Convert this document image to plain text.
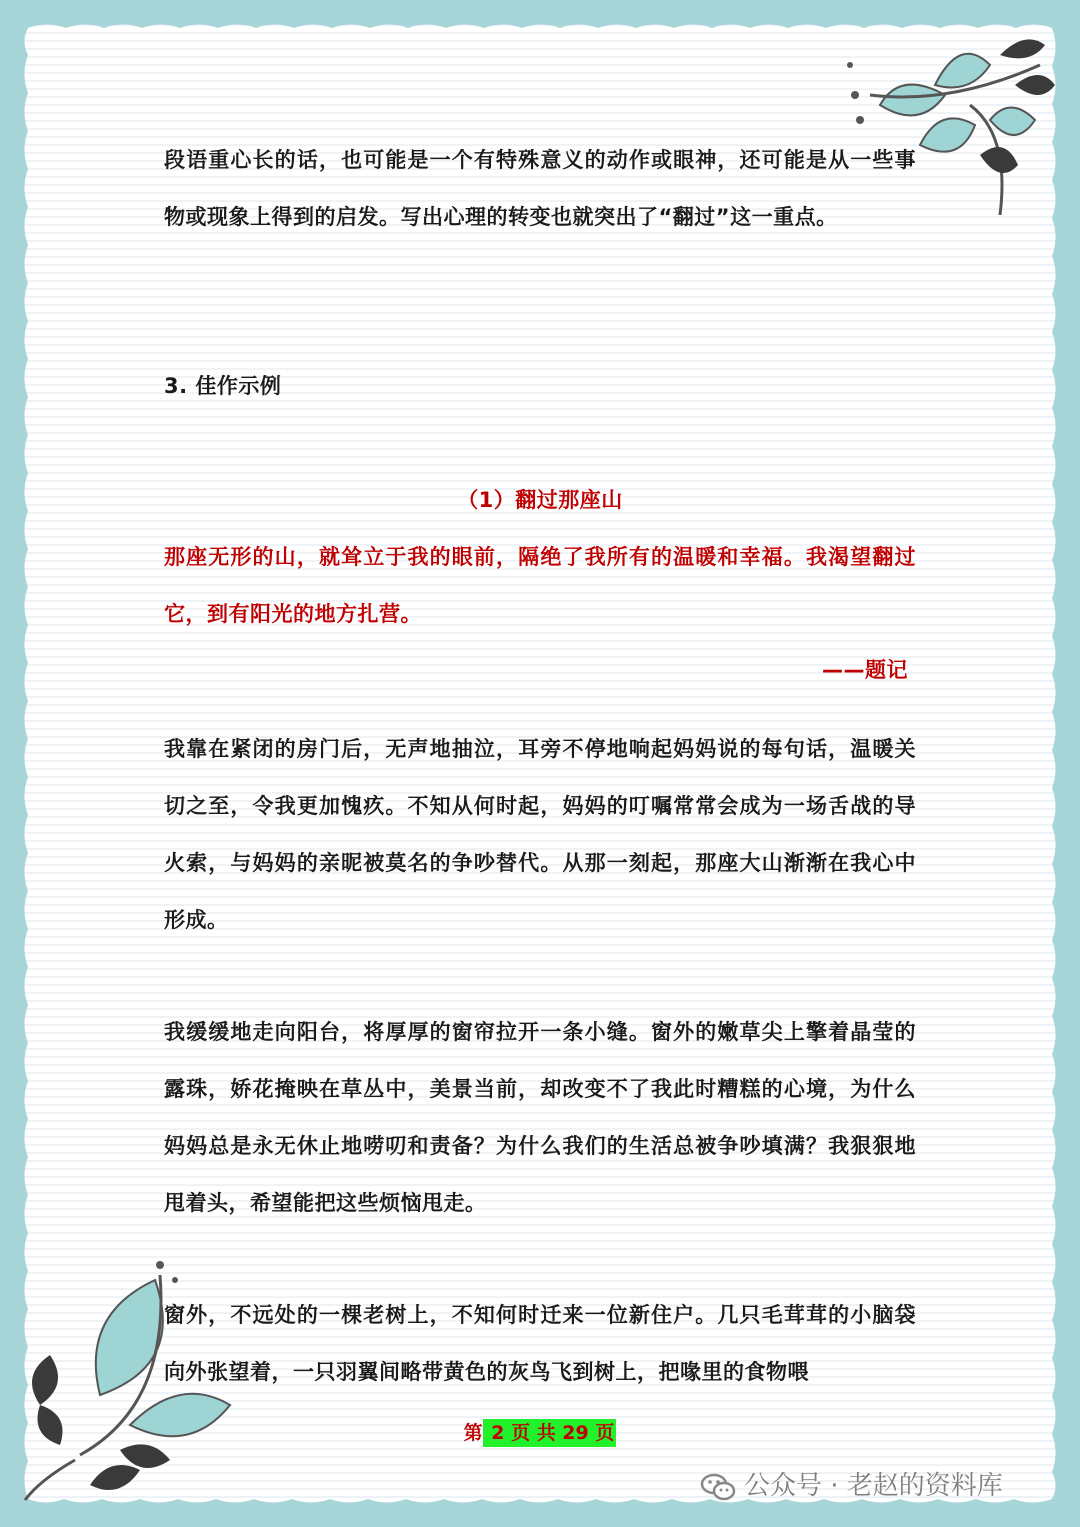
段语重心长的话，也可能是一个有特殊意义的动作或眼神，还可能是从一些事物或现象上得到的启发。写出心理的转变也就突出了“翻过”这一重点。
3. 佳作示例
（1）翻过那座山
那座无形的山，就耸立于我的眼前，隔绝了我所有的温暖和幸福。我渴望翻过它，到有阳光的地方扎营。
——题记
我靠在紧闭的房门后，无声地抽泣，耳旁不停地响起妈妈说的每句话，温暖关切之至，令我更加愧疚。不知从何时起，妈妈的叮嘱常常会成为一场舌战的导火索，与妈妈的亲昵被莫名的争吵替代。从那一刻起，那座大山渐渐在我心中形成。
我缓缓地走向阳台，将厚厚的窗帘拉开一条小缝。窗外的嫩草尖上擎着晶莹的露珠，娇花掩映在草丛中，美景当前，却改变不了我此时糟糕的心境，为什么妈妈总是永无休止地唠叨和责备？为什么我们的生活总被争吵填满？我狠狠地甩着头，希望能把这些烦恼甩走。
窗外，不远处的一棵老树上，不知何时迁来一位新住户。几只毛茸茸的小脑袋向外张望着，一只羽翼间略带黄色的灰鸟飞到树上，把喙里的食物喂
第 2 页 共 29 页
公众号 · 老赵的资料库
